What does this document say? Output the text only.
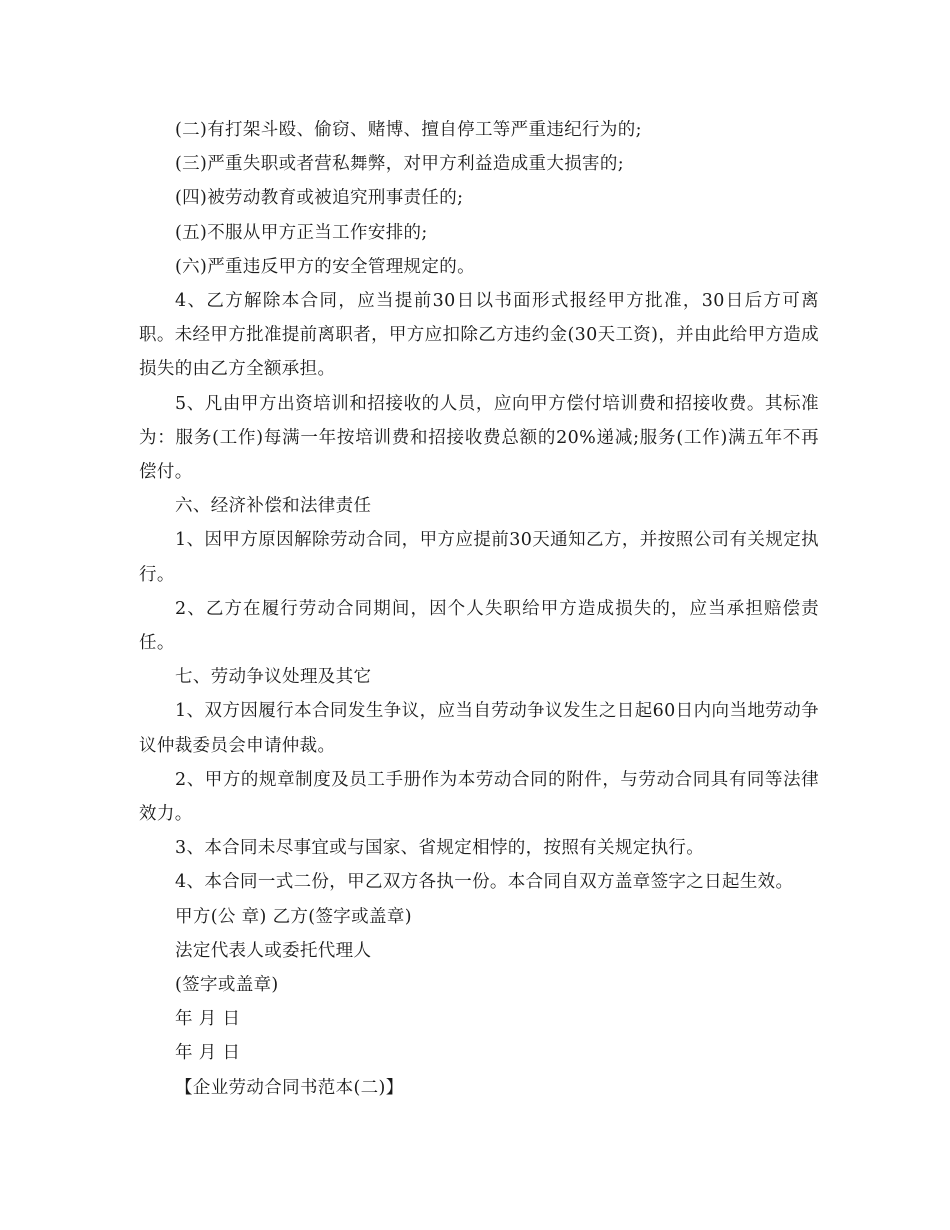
(二)有打架斗殴、偷窃、赌博、擅自停工等严重违纪行为的;

(三)严重失职或者营私舞弊，对甲方利益造成重大损害的;

(四)被劳动教育或被追究刑事责任的;

(五)不服从甲方正当工作安排的;

(六)严重违反甲方的安全管理规定的。

4、乙方解除本合同，应当提前30日以书面形式报经甲方批准，30日后方可离职。未经甲方批准提前离职者，甲方应扣除乙方违约金(30天工资)，并由此给甲方造成损失的由乙方全额承担。

5、凡由甲方出资培训和招接收的人员，应向甲方偿付培训费和招接收费。其标准为：服务(工作)每满一年按培训费和招接收费总额的20%递减;服务(工作)满五年不再偿付。

六、经济补偿和法律责任

1、因甲方原因解除劳动合同，甲方应提前30天通知乙方，并按照公司有关规定执行。

2、乙方在履行劳动合同期间，因个人失职给甲方造成损失的，应当承担赔偿责任。

七、劳动争议处理及其它

1、双方因履行本合同发生争议，应当自劳动争议发生之日起60日内向当地劳动争议仲裁委员会申请仲裁。

2、甲方的规章制度及员工手册作为本劳动合同的附件，与劳动合同具有同等法律效力。

3、本合同未尽事宜或与国家、省规定相悖的，按照有关规定执行。

4、本合同一式二份，甲乙双方各执一份。本合同自双方盖章签字之日起生效。

甲方(公 章) 乙方(签字或盖章)

法定代表人或委托代理人

(签字或盖章)

年 月 日

年 月 日

【企业劳动合同书范本(二)】
